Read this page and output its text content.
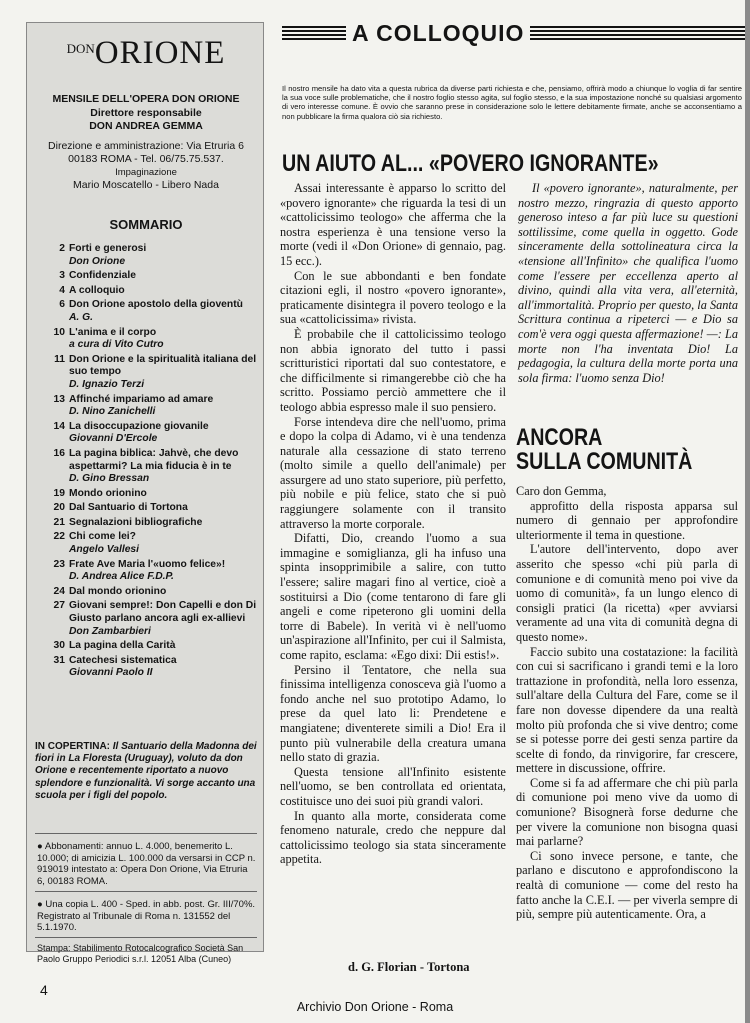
$^{DON}$ORIONE
MENSILE DELL'OPERA DON ORIONE
Direttore responsabile
DON ANDREA GEMMA
Direzione e amministrazione: Via Etruria 6
00183 ROMA - Tel. 06/75.75.537.
Impaginazione
Mario Moscatello - Libero Nada
SOMMARIO
2 Forti e generosi
Don Orione
3 Confidenziale
4 A colloquio
6 Don Orione apostolo della gioventù
A. G.
10 L'anima e il corpo
a cura di Vito Cutro
11 Don Orione e la spiritualità italiana del suo tempo
D. Ignazio Terzi
13 Affinché impariamo ad amare
D. Nino Zanichelli
14 La disoccupazione giovanile
Giovanni D'Ercole
16 La pagina biblica: Jahvè, che devo aspettarmi? La mia fiducia è in te
D. Gino Bressan
19 Mondo orionino
20 Dal Santuario di Tortona
21 Segnalazioni bibliografiche
22 Chi come lei?
Angelo Vallesi
23 Frate Ave Maria l'«uomo felice»!
D. Andrea Alice F.D.P.
24 Dal mondo orionino
27 Giovani sempre!: Don Capelli e don Di Giusto parlano ancora agli ex-allievi
Don Zambarbieri
30 La pagina della Carità
31 Catechesi sistematica
Giovanni Paolo II
IN COPERTINA: Il Santuario della Madonna dei fiori in La Floresta (Uruguay), voluto da don Orione e recentemente riportato a nuovo splendore e funzionalità. Vi sorge accanto una scuola per i figli del popolo.
● Abbonamenti: annuo L. 4.000, benemerito L. 10.000; di amicizia L. 100.000 da versarsi in CCP n. 919019 intestato a: Opera Don Orione, Via Etruria 6, 00183 ROMA.
● Una copia L. 400 - Sped. in abb. post. Gr. III/70%. Registrato al Tribunale di Roma n. 131552 del 5.1.1970.
Stampa: Stabilimento Rotocalcografico Società San Paolo Gruppo Periodici s.r.l. 12051 Alba (Cuneo)
A COLLOQUIO
Il nostro mensile ha dato vita a questa rubrica da diverse parti richiesta e che, pensiamo, offrirà modo a chiunque lo voglia di far sentire la sua voce sulle problematiche, che il nostro foglio stesso agita, sul foglio stesso, e la sua impostazione nonché su qualsiasi argomento di vero interesse comune. È ovvio che saranno prese in considerazione solo le lettere debitamente firmate, anche se acconsentiamo a non pubblicare la firma qualora ciò sia richiesto.
UN AIUTO AL... «POVERO IGNORANTE»

Assai interessante è apparso lo scritto del «povero ignorante» che riguarda la tesi di un «cattolicissimo teologo» che afferma che la nostra esperienza è una tensione verso la morte (vedi il «Don Orione» di gennaio, pag. 15 ecc.).

Con le sue abbondanti e ben fondate citazioni egli, il nostro «povero ignorante», praticamente disintegra il povero teologo e la sua «cattolicissima» rivista.

È probabile che il cattolicissimo teologo non abbia ignorato del tutto i passi scritturistici riportati dal suo contestatore, e che difficilmente si rimangerebbe ciò che ha scritto. Possiamo perciò ammettere che il teologo abbia espresso male il suo pensiero.

Forse intendeva dire che nell'uomo, prima e dopo la colpa di Adamo, vi è una tendenza naturale alla cessazione di stato terreno (molto simile a quello dell'animale) per assurgere ad uno stato superiore, più perfetto, più nobile e più felice, stato che si può raggiungere solamente con il transito attraverso la morte corporale.

Difatti, Dio, creando l'uomo a sua immagine e somiglianza, gli ha infuso una spinta insopprimibile a salire, con tutto l'essere; salire magari fino al vertice, cioè a sostituirsi a Dio (come tentarono di fare gli angeli e come ripeterono gli uomini della torre di Babele). In verità vi è nell'uomo un'aspirazione all'Infinito, per cui il Salmista, come rapito, esclama: «Ego dixi: Dii estis!».

Persino il Tentatore, che nella sua finissima intelligenza conosceva già l'uomo a fondo anche nel suo prototipo Adamo, lo prese da quel lato li: Prendetene e mangiatene; diventerete simili a Dio! Era il punto più vulnerabile della creatura umana nello stato di grazia.

Questa tensione all'Infinito esistente nell'uomo, se ben controllata ed orientata, costituisce uno dei suoi più grandi valori.

In quanto alla morte, considerata come fenomeno naturale, credo che neppure dal cattolicissimo teologo sia stata sinceramente appetita.

d. G. Florian - Tortona

Il «povero ignorante», naturalmente, per nostro mezzo, ringrazia di questo apporto generoso inteso a far più luce su questioni sottilissime, come quella in oggetto. Gode sinceramente della sottolineatura circa la «tensione all'Infinito» che qualifica l'uomo come l'essere per eccellenza aperto al divino, quindi alla vita vera, all'eternità, all'immortalità. Proprio per questo, la Santa Scrittura continua a ripeterci — e Dio sa com'è vera oggi questa affermazione! —: La morte non l'ha inventata Dio! La pedagogia, la cultura della morte porta una sola firma: l'uomo senza Dio!

ANCORA
SULLA COMUNITÀ

Caro don Gemma,

approfitto della risposta apparsa sul numero di gennaio per approfondire ulteriormente il tema in questione.

L'autore dell'intervento, dopo aver asserito che spesso «chi più parla di comunione e di comunità meno poi vive da uomo di comunità», fa un lungo elenco di consigli pratici (la ricetta) «per avviarsi veramente ad una vita di comunità degna di questo nome».

Faccio subito una costatazione: la facilità con cui si sacrificano i grandi temi e la loro trattazione in profondità, nella loro essenza, sull'altare della Cultura del Fare, come se il fare non dovesse dipendere da una realtà molto più profonda che si vive dentro; come se si potesse porre dei gesti senza partire da scelte di fondo, da rinvigorire, far crescere, mettere in discussione, offrire.

Come si fa ad affermare che chi più parla di comunione poi meno vive da uomo di comunione? Bisognerà forse dedurne che per vivere la comunione non bisogna quasi mai parlarne?

Ci sono invece persone, e tante, che parlano e discutono e approfondiscono la realtà di comunione — come del resto ha fatto anche la C.E.I. — per viverla sempre di più, sempre più autenticamente. Ora, a

4
Archivio Don Orione - Roma
